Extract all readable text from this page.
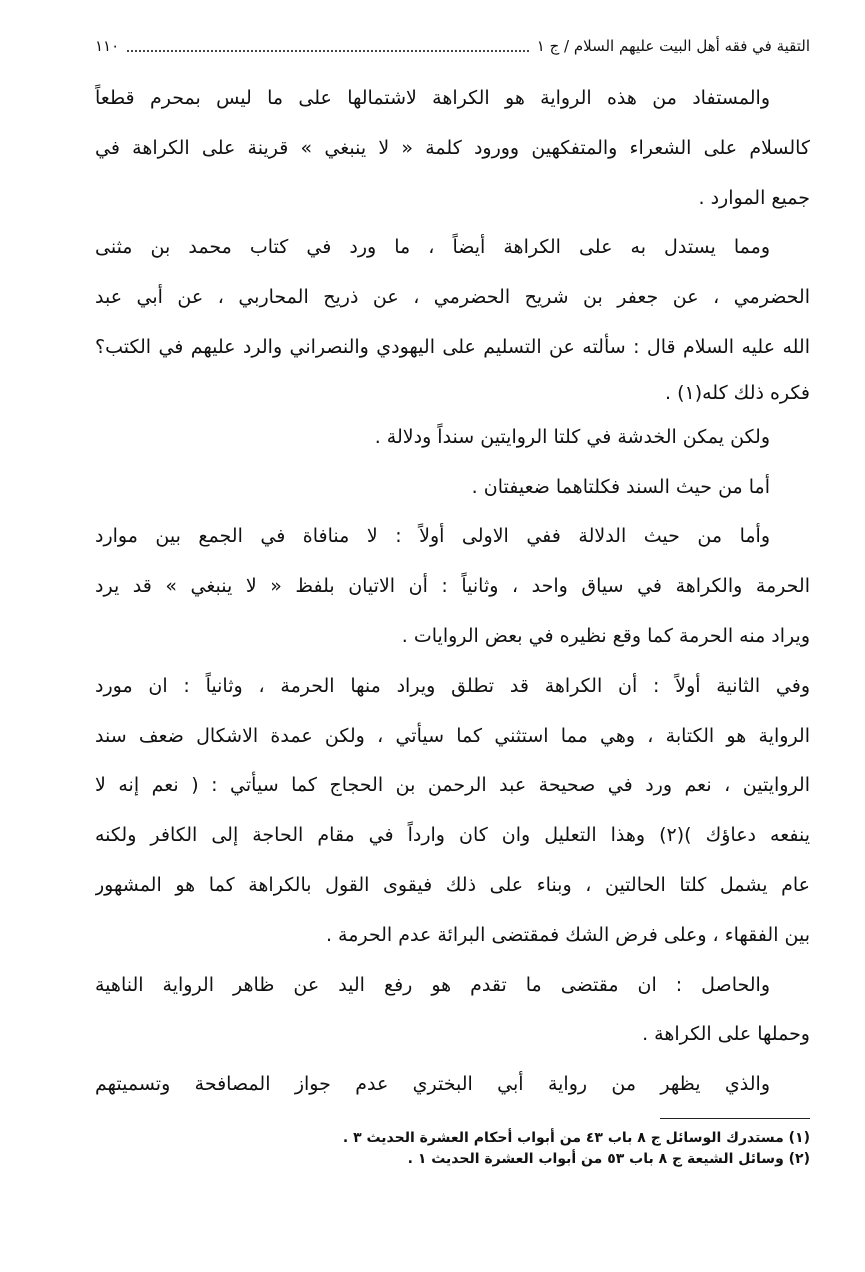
التقية في فقه أهل البيت عليهم السلام / ج ١
١١٠
والمستفاد من هذه الرواية هو الكراهة لاشتمالها على ما ليس بمحرم قطعاً
كالسلام على الشعراء والمتفكهين وورود كلمة « لا ينبغي » قرينة على الكراهة في
جميع الموارد .
ومما يستدل به على الكراهة أيضاً ، ما ورد في كتاب محمد بن مثنى
الحضرمي ، عن جعفر بن شريح الحضرمي ، عن ذريح المحاربي ، عن أبي عبد
الله عليه السلام قال : سألته عن التسليم على اليهودي والنصراني والرد عليهم في الكتب؟
فكره ذلك كله(١) .
ولكن يمكن الخدشة في كلتا الروايتين سنداً ودلالة .
أما من حيث السند فكلتاهما ضعيفتان .
وأما من حيث الدلالة ففي الاولى أولاً : لا منافاة في الجمع بين موارد
الحرمة والكراهة في سياق واحد ، وثانياً : أن الاتيان بلفظ « لا ينبغي » قد يرد
ويراد منه الحرمة كما وقع نظيره في بعض الروايات .
وفي الثانية أولاً : أن الكراهة قد تطلق ويراد منها الحرمة ، وثانياً : ان مورد
الرواية هو الكتابة ، وهي مما استثني كما سيأتي ، ولكن عمدة الاشكال ضعف سند
الروايتين ، نعم ورد في صحيحة عبد الرحمن بن الحجاج كما سيأتي : ( نعم إنه لا
ينفعه دعاؤك )(٢) وهذا التعليل وان كان وارداً في مقام الحاجة إلى الكافر ولكنه
عام يشمل كلتا الحالتين ، وبناء على ذلك فيقوى القول بالكراهة كما هو المشهور
بين الفقهاء ، وعلى فرض الشك فمقتضى البرائة عدم الحرمة .
والحاصل : ان مقتضى ما تقدم هو رفع اليد عن ظاهر الرواية الناهية
وحملها على الكراهة .
والذي يظهر من رواية أبي البختري عدم جواز المصافحة وتسميتهم
(١) مستدرك الوسائل ج ٨ باب ٤٣ من أبواب أحكام العشرة الحديث ٣ .
(٢) وسائل الشيعة ج ٨ باب ٥٣ من أبواب العشرة الحديث ١ .
